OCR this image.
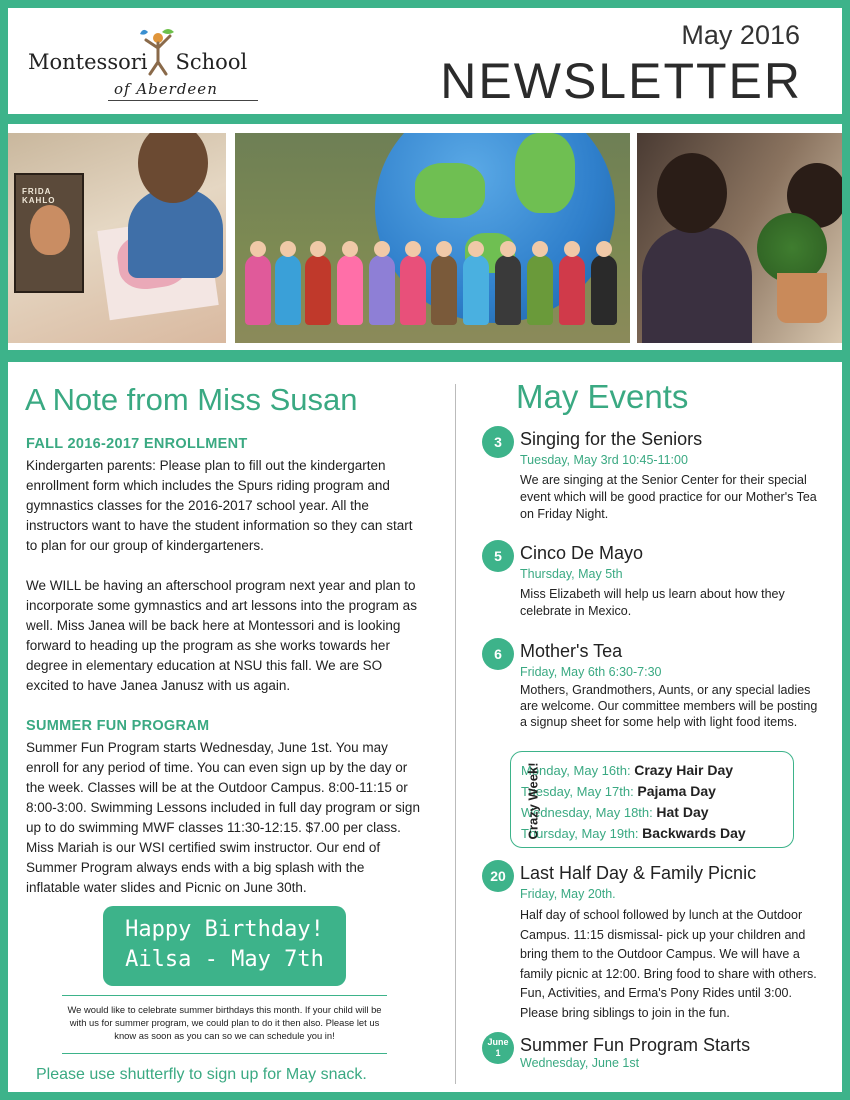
Montessori School
of Aberdeen
May 2016
NEWSLETTER
FRIDA KAHLO
A Note from Miss Susan
FALL 2016-2017 ENROLLMENT
Kindergarten parents: Please plan to fill out the kindergarten enrollment form which includes the Spurs riding program and gymnastics classes for the 2016-2017 school year. All the instructors want to have the student information so they can start to plan for our group of kindergarteners.
We WILL be having an afterschool program next year and plan to incorporate some gymnastics and art lessons into the program as well. Miss Janea will be back here at Montessori and is looking forward to heading up the program as she works towards her degree in elementary education at NSU this fall. We are SO excited to have Janea Janusz with us again.
SUMMER FUN PROGRAM
Summer Fun Program starts Wednesday, June 1st. You may enroll for any period of time. You can even sign up by the day or the week. Classes will be at the Outdoor Campus. 8:00-11:15 or 8:00-3:00. Swimming Lessons included in full day program or sign up to do swimming MWF classes 11:30-12:15. $7.00 per class. Miss Mariah is our WSI certified swim instructor. Our end of Summer Program always ends with a big splash with the inflatable water slides and Picnic on June 30th.
Happy Birthday!
Ailsa - May 7th
We would like to celebrate summer birthdays this month. If your child will be with us for summer program, we could plan to do it then also. Please let us know as soon as you can so we can schedule you in!
Please use shutterfly to sign up for May snack.
May Events
3	Singing for the Seniors
Tuesday, May 3rd 10:45-11:00
We are singing at the Senior Center for their special event which will be good practice for our Mother's Tea on Friday Night.
5	Cinco De Mayo
Thursday, May 5th
Miss Elizabeth will help us learn about how they celebrate in Mexico.
6	Mother's Tea
Friday, May 6th 6:30-7:30
Mothers, Grandmothers, Aunts, or any special ladies are welcome. Our committee members will be posting a signup sheet for some help with light food items.
Crazy Week!
Monday, May 16th: Crazy Hair Day
Tuesday, May 17th: Pajama Day
Wednesday, May 18th: Hat Day
Thursday, May 19th: Backwards Day
20 Last Half Day & Family Picnic
Friday, May 20th.
Half day of school followed by lunch at the Outdoor Campus. 11:15 dismissal- pick up your children and bring them to the Outdoor Campus. We will have a family picnic at 12:00. Bring food to share with others. Fun, Activities, and Erma's Pony Rides until 3:00. Please bring siblings to join in the fun.
June
1	Summer Fun Program Starts
Wednesday, June 1st
